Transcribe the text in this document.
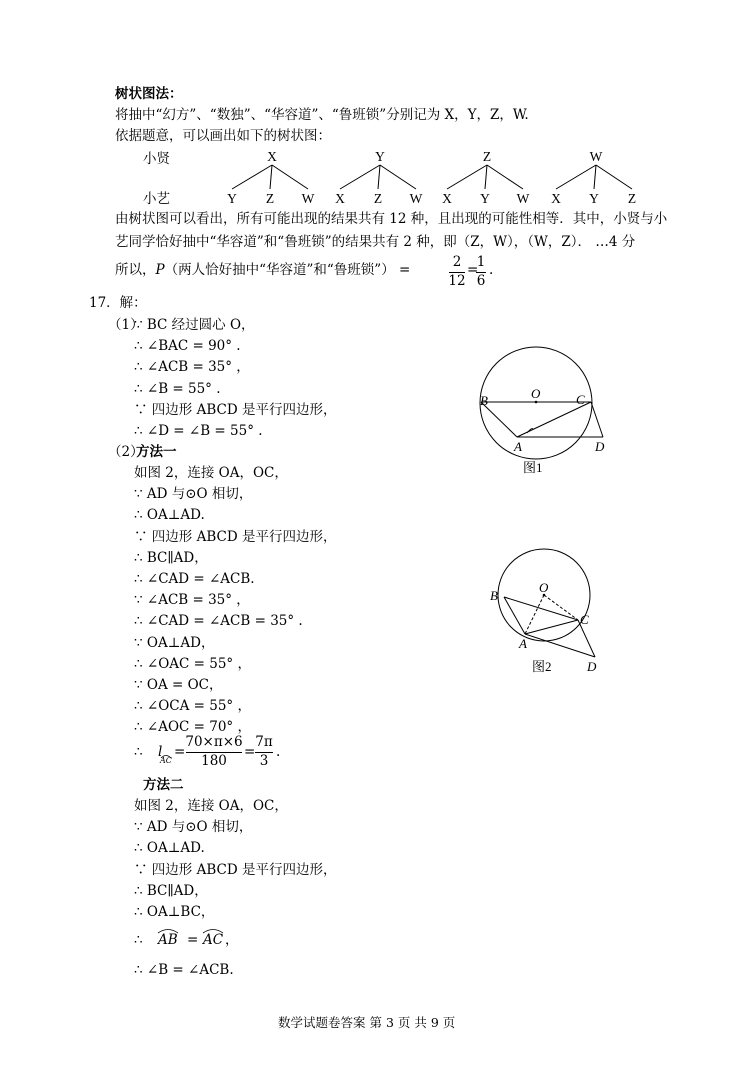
树状图法：
将抽中“幻方”、“数独”、“华容道”、“鲁班锁”分别记为 X，Y，Z，W.
依据题意，可以画出如下的树状图：
小贤
小艺
X
Y Z W
Y
X Z W
Z
X Y W
W
X Y Z
由树状图可以看出，所有可能出现的结果共有 12 种，且出现的可能性相等．其中，小贤与小
艺同学恰好抽中“华容道”和“鲁班锁”的结果共有 2 种，即（Z，W），（W，Z）． …4 分
所以，P（两人恰好抽中“华容道”和“鲁班锁”） =	2
12
=
1
6
.
17．解：
（1）
∵ BC 经过圆心 O，
∴ ∠BAC = 90° .
∴ ∠ACB = 35° ，
∴ ∠B = 55° .
∵ 四边形 ABCD 是平行四边形，
∴ ∠D = ∠B = 55° .
（2）
方法一
如图 2，连接 OA，OC，
∵ AD 与⊙O 相切，
∴ OA⊥AD.
∵ 四边形 ABCD 是平行四边形，
∴ BC∥AD，
∴ ∠CAD = ∠ACB.
∵ ∠ACB = 35° ，
∴ ∠CAD = ∠ACB = 35° .
∵ OA⊥AD，
∴ ∠OAC = 55° ，
∵ OA = OC，
∴ ∠OCA = 55° ，
∴ ∠AOC = 70° ，
∴ l
AC
=
70×π×6
180
=
7π
3
.
方法二
如图 2，连接 OA，OC，
∵ AD 与⊙O 相切，
∴ OA⊥AD.
∵ 四边形 ABCD 是平行四边形，
∴ BC∥AD，
∴ OA⊥BC，
∴ AB = AC ，
∴ ∠B = ∠ACB.
B	O	C
A	D
图1
B
O
C
A
D
图2
数学试题卷答案 第 3 页 共 9 页
